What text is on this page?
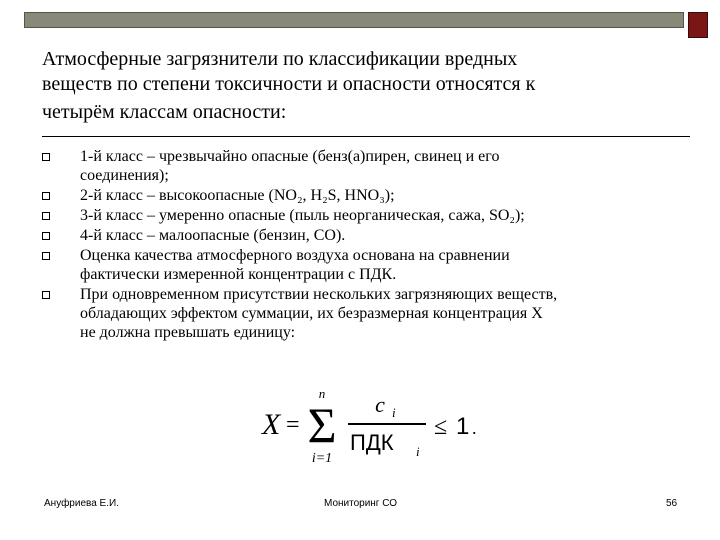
Атмосферные загрязнители по классификации вредных
веществ по степени токсичности и опасности относятся к
четырём классам опасности:
1-й класс – чрезвычайно опасные (бенз(а)пирен, свинец и его
соединения);
2-й класс – высокоопасные (NO₂, H₂S, HNO₃);
3-й класс – умеренно опасные (пыль неорганическая, сажа, SO₂);
4-й класс – малоопасные (бензин, CO).
Оценка качества атмосферного воздуха основана на сравнении
фактически измеренной концентрации с ПДК.
При одновременном присутствии нескольких загрязняющих веществ,
обладающих эффектом суммации, их безразмерная концентрация X
не должна превышать единицу:
X =
n
Σ
i=1
c i
ПДК i
≤ 1 .
Ануфриева Е.И.	Мониторинг СО	56
